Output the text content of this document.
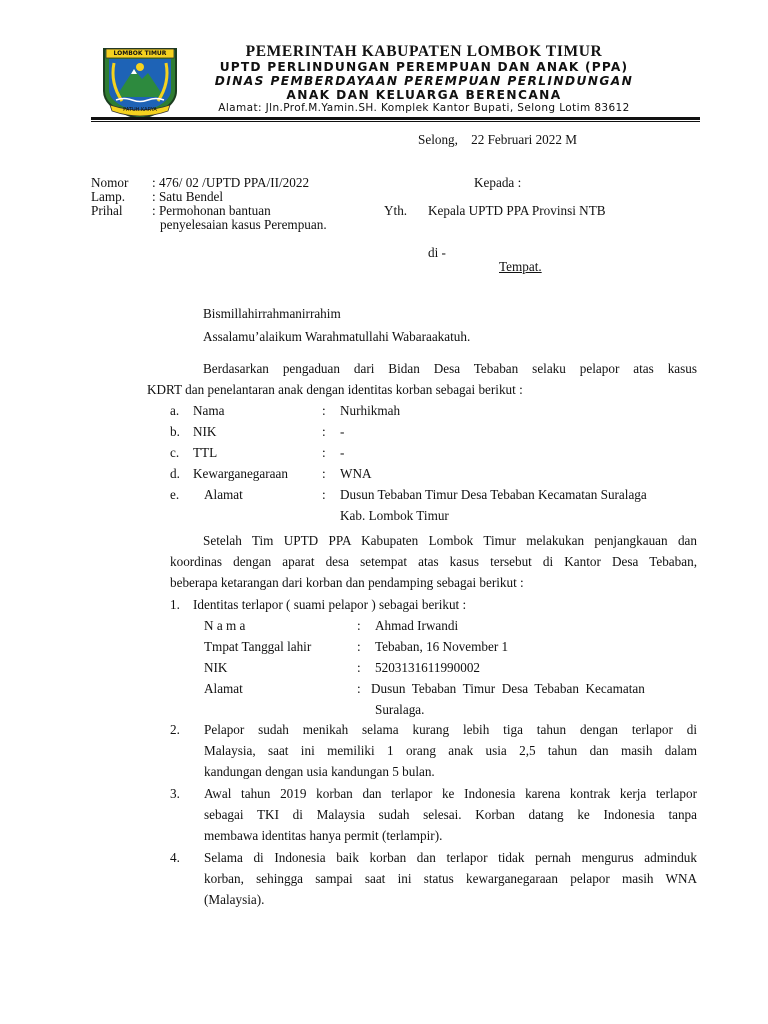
LOMBOK TIMUR
PATUH KARYA
PEMERINTAH KABUPATEN LOMBOK TIMUR
UPTD PERLINDUNGAN PEREMPUAN DAN ANAK (PPA)
DINAS PEMBERDAYAAN PEREMPUAN PERLINDUNGAN
ANAK DAN KELUARGA BERENCANA
Alamat: Jln.Prof.M.Yamin.SH. Komplek Kantor Bupati, Selong Lotim 83612
Selong,    22 Februari 2022 M
Nomor : 476/ 02 /UPTD PPA/II/2022
Lamp. : Satu Bendel
Prihal : Permohonan bantuan
penyelesaian kasus Perempuan.
Kepada :
Yth. Kepala UPTD PPA Provinsi NTB
di -
Tempat.
Bismillahirrahmanirrahim
Assalamu’alaikum Warahmatullahi Wabaraakatuh.
Berdasarkan pengaduan dari Bidan Desa Tebaban selaku pelapor atas kasus
KDRT dan penelantaran anak dengan identitas korban sebagai berikut :
a. Nama	: Nurhikmah
b. NIK	: -
c. TTL	: -
d. Kewarganegaraan	: WNA
e. Alamat	: Dusun Tebaban Timur Desa Tebaban Kecamatan Suralaga
Kab. Lombok Timur
Setelah Tim UPTD PPA Kabupaten Lombok Timur melakukan penjangkauan dan
koordinas dengan aparat desa setempat atas kasus tersebut di Kantor Desa Tebaban,
beberapa ketarangan dari korban dan pendamping sebagai berikut :
1. Identitas terlapor ( suami pelapor ) sebagai berikut :
N a m a	: Ahmad Irwandi
Tmpat Tanggal lahir	: Tebaban, 16 November 1
NIK	: 5203131611990002
Alamat	: Dusun  Tebaban  Timur  Desa  Tebaban  Kecamatan
Suralaga.
2. Pelapor sudah menikah selama kurang lebih tiga tahun dengan terlapor di
Malaysia, saat ini memiliki 1 orang anak usia 2,5 tahun dan masih dalam
kandungan dengan usia kandungan 5 bulan.
3. Awal tahun 2019 korban dan terlapor ke Indonesia karena kontrak kerja terlapor
sebagai TKI di Malaysia sudah selesai. Korban datang ke Indonesia tanpa
membawa identitas hanya permit (terlampir).
4. Selama di Indonesia baik korban dan terlapor tidak pernah mengurus adminduk
korban, sehingga sampai saat ini status kewarganegaraan pelapor masih WNA
(Malaysia).
